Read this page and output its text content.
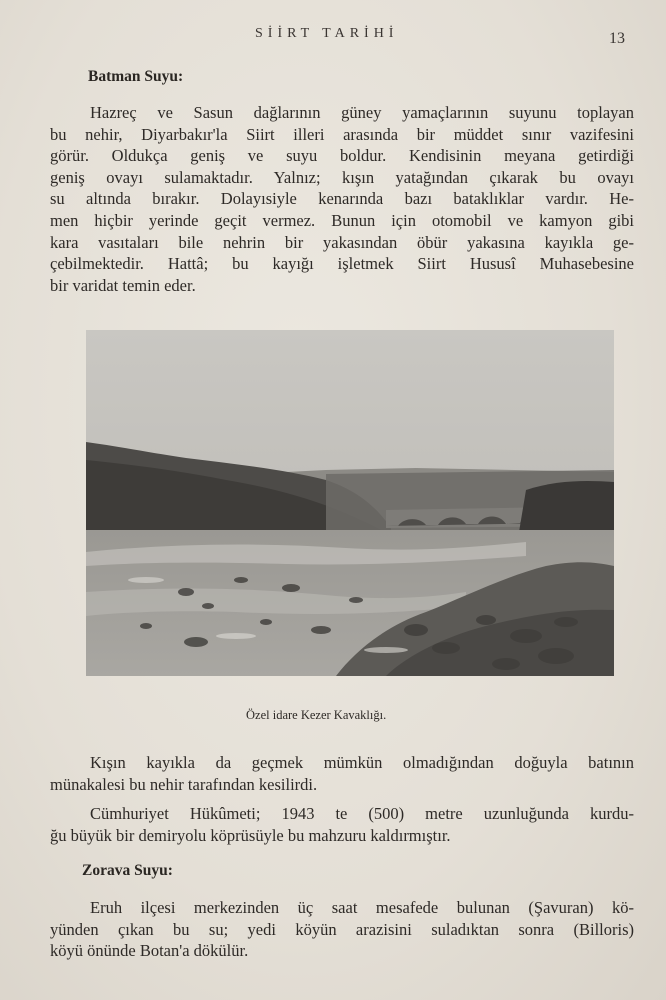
SİİRT TARİHİ	13
Batman Suyu:
Hazreç ve Sasun dağlarının güney yamaçlarının suyunu toplayan
bu nehir, Diyarbakır'la Siirt illeri arasında bir müddet sınır vazifesini
görür. Oldukça geniş ve suyu boldur. Kendisinin meyana getirdiği
geniş ovayı sulamaktadır. Yalnız; kışın yatağından çıkarak bu ovayı
su altında bırakır. Dolayısiyle kenarında bazı bataklıklar vardır. He-
men hiçbir yerinde geçit vermez. Bunun için otomobil ve kamyon gibi
kara vasıtaları bile nehrin bir yakasından öbür yakasına kayıkla ge-
çebilmektedir. Hattâ; bu kayığı işletmek Siirt Hususî Muhasebesine
bir varidat temin eder.
Özel idare Kezer Kavaklığı.
Kışın kayıkla da geçmek mümkün olmadığından doğuyla batının
münakalesi bu nehir tarafından kesilirdi.
Cümhuriyet Hükûmeti; 1943 te (500) metre uzunluğunda kurdu-
ğu büyük bir demiryolu köprüsüyle bu mahzuru kaldırmıştır.
Zorava Suyu:
Eruh ilçesi merkezinden üç saat mesafede bulunan (Şavuran) kö-
yünden çıkan bu su; yedi köyün arazisini suladıktan sonra (Billoris)
köyü önünde Botan'a dökülür.
